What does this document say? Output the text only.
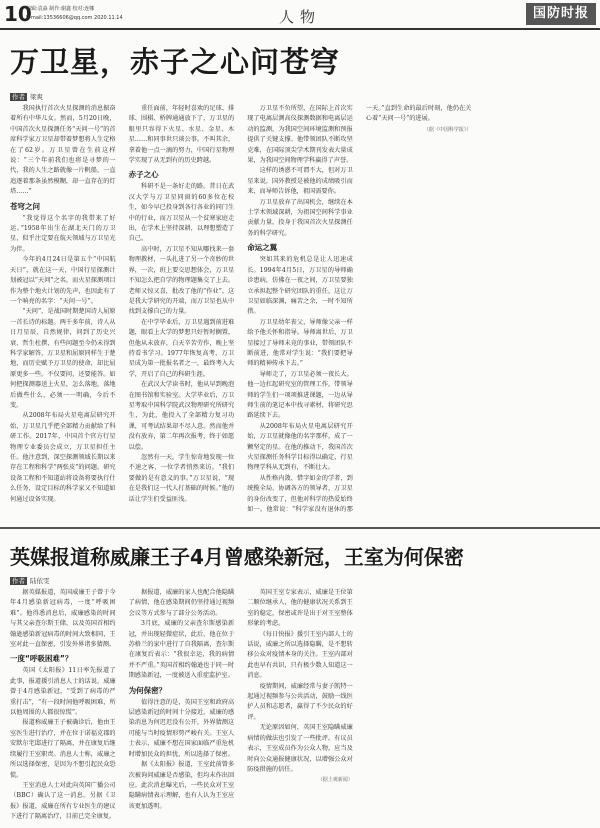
10
编辑:袁淼 制作:谢鑫 校对:连娜
E-mail:13536606@qq.com 2020.11.14	人物	国防时报
万卫星，赤子之心问苍穹
作者 梁爽

我国执行首次火星探测的消息振奋着所有中华儿女。然而，5月20日晚，中国首次火星探测任务“天问一号”的首席科学家万卫星却带着梦想将人生定格在了62岁。万卫星曾在生前这样说：“三个年前我们也将是寻梦的一代，我的人生之路就像一片帆船，一直追逐着那条虽然模糊，却一直存在的灯塔……”

苍穹之问

“我觉得这个名字的我带来了好运。”1958年出生在湖北天门的万卫星，似乎注定要在航天领域与万卫星光为伴。

今年的4月24日是第五个“中国航天日”，就在这一天，中国行星探测计划被冠以“天问”之名，而火星探测项目作为整个地火计划的先声，也因此有了一个响亮的名字：“天问一号”。

“天问”，是战国时期楚国诗人屈原一首长诗的标题。两千多年前，诗人从日月星辰、自然规律，问到了历史兴衰、哲生杜撰，有些问题至今仍未得到科学家解答，万卫星和屈原同样生于楚地，而历史赋予万卫星的使命，却比屈原更多一些。不仅要问，还要能答。如何把探测器送上火星，怎么落地，落地后做些什么，必须一一明确，今后不变。

从2008年布局火星电离层研究开始，万卫星几乎把全部精力贡献给了科研工作。2017年，中国首个官方行星物理专业委员会成立，万卫星担任主任。他注意到，深空探测领域长期以来存在工程和科学“两张皮”的问题。研究设备工程和不知道站将设备将要执行什么任务，设定目标的科学家又不知道如何通过设备实现。

重任面前，年轻时喜欢的足球、排球、围棋、桥牌通通放下了，万卫星的眼里只容得下火星、水星、金星、木星……和同事世只谈公事。不叫其余，拿着他一点一滴的努力，中国行星物理学实现了从无到有的历史跨越。

赤子之心

科研不是一条好走的路。昔日在武汉大学与万卫星同窗的60多位在校生，如今早已投身到各行各业的同门生中的行业，而万卫星从一个贫寒家庭走出，在学术上坚持深耕，以理想塑造了自己。

高中时，万卫星不知从哪找来一套物理教材，一头扎进了另一个奇妙的世界，一次，班上要交思想体会，万卫星不知怎么把自学的物理题集交了上去。老师又惊又喜，批改了他的“作业”。这是我大学研究的开端，而万卫星也从中找到支撑自己的力量。

在中学毕业后，万卫星遇到前进难题，眼看上大学的梦想只好暂时搁置，但他从未放弃，白天辛苦劳作，晚上坚持看书学习。1977年恢复高考，万卫星成为第一批报名者之一，最终考入大学，开启了自己的科研生涯。

在武汉大学读书时，他从早到晚泡在图书馆和实验室。大学毕业后，万卫星考取中国科学院武汉物理研究所研究生，为此，他投入了全部精力复习功课，可考试结果却不尽人意。然而他并没有放弃，第二年再次报考，终于如愿以偿。

忽然有一天，学生惊奇地发现一位不速之客，一位学者悄然来访。“我们要做的是有意义的事。”万卫星说，“现在是我们这一代人打基础的时候。”他的话让学生们受益匪浅。

万卫星不负所望，在国际上首次实现了电离层测高仪探测数据和电离层运动的监测，为我国空间环境监测和预报提供了关键支撑。他带领团队不断攻坚克难，在国际顶尖学术期刊发表大量成果，为我国空间物理学科赢得了声誉。

这样的诱惑不可谓不大，但对万卫星来说，国外教授是被他的成绩吸引而来，而导师告诉他，祖国需要你。

万卫星放弃了出国机会，继续在本土学术领域深耕，为祖国空间科学事业贡献力量，投身于我国首次火星探测任务的科学研究。

命运之翼

突如其来的危机总是让人迅速成长。1994年4月5日，万卫星的导师确诊患病，仿佛在一夜之间，万卫星要独立承担起整个研究团队的重任，这让万卫星如临深渊，痛苦之余，一时不知所措。

万卫星幼年丧父，导师像父亲一样给予他关怀和指导。导师离世后，万卫星接过了导师未竟的事业，带领团队不断前进，他常对学生说：“我们要把导师的精神传承下去。”

导师走了，万卫星必须一夜长大。他一边扛起研究室的管理工作，带领导师的学生们一项项推进课题，一边从导师生前的笔记本中找寻素材，将研究思路延续下去。

从2008年布局火星电离层研究开始，万卫星就像他的名字那样，成了一颗坚定的星。在他的推动下，我国首次火星探测任务科学目标得以确定，行星物理学科从无到有，不断壮大。

从性格内敛、惜字如金的学者，到统揽全局、协调各方的领导者，万卫星的身份改变了，但他对科学的热爱始终如一。他常说：“科学家没有退休的那一天。”直到生命的最后时刻，他仍在关心着“天问一号”的进展。

（据《中国科学报》）
英媒报道称威廉王子4月曾感染新冠，王室为何保密
作者 陆依雯

据英媒报道，英国威廉王子曾于今年4月感染新冠病毒，一度“呼吸困难”。他得悉消息后，威廉感染的时间与其父亲查尔斯王储、以及英国首相约翰逊感染新冠病毒的时间大致相同，王室对此一直保密，引发外界诸多猜测。

一度“呼吸困难”？

英国《太阳报》11日率先报道了此事，报道援引消息人士的话说，威廉曾于4月感染新冠，“受到了病毒的严重打击”，“有一段时间他呼吸困难，所以他周围的人都很惊慌”。

报道称威廉王子被确诊后，他由王室医生进行治疗，并在位于诺福克郡的安默尔宅邸进行了隔离，并在康复后继续履行王室职责。消息人士称，威廉之所以选择保密，是因为不想引起民众恐慌。

王室消息人士对此向英国广播公司（BBC）确认了这一消息。另据《卫报》报道，威廉在所有专业医生的建议下进行了隔离治疗，目前已完全康复。

据报道，威廉的家人也配合他隐瞒了病情，他在感染期间仍坚持通过视频会议等方式参与了部分公务活动。

3月底，威廉的父亲查尔斯感染新冠，并出现轻微症状，此后，他在位于苏格兰的家中进行了自我隔离，查尔斯在康复后表示：“我很幸运，我的病情并不严重。”英国首相约翰逊也于同一时期感染新冠，一度被送入重症监护室。

为何保密？

值得注意的是，英国王室和政府高层感染新冠的时间十分接近，威廉的感染消息为何迟迟没有公开，外界猜测这可能与当时疫情形势严峻有关。王室人士表示，威廉不想在国家面临严重危机时增加民众的担忧，所以选择了保密。

据《太阳报》报道，王室此前曾多次被询问威廉是否感染，但均未作出回应。此次消息曝光后，一些民众对王室隐瞒病情表示理解，也有人认为王室应该更加透明。

英国王室专家表示，威廉是王位第二顺位继承人，他的健康状况关系到王室的稳定，保密或许是出于对王室整体形象的考虑。

《每日快报》援引王室内部人士的话说，威廉之所以选择隐瞒，是不想转移公众对疫情本身的关注。王室内部对此也早有共识，只有极少数人知道这一消息。

疫情期间，威廉经常与妻子凯特一起通过视频参与公共活动，鼓励一线医护人员和志愿者，赢得了不少民众的好评。

无论原因如何，英国王室隐瞒威廉病情的做法也引发了一些批评。有议员表示，王室成员作为公众人物，应当及时向公众通报健康状况，以增强公众对防疫措施的信任。

（据上观新闻）
